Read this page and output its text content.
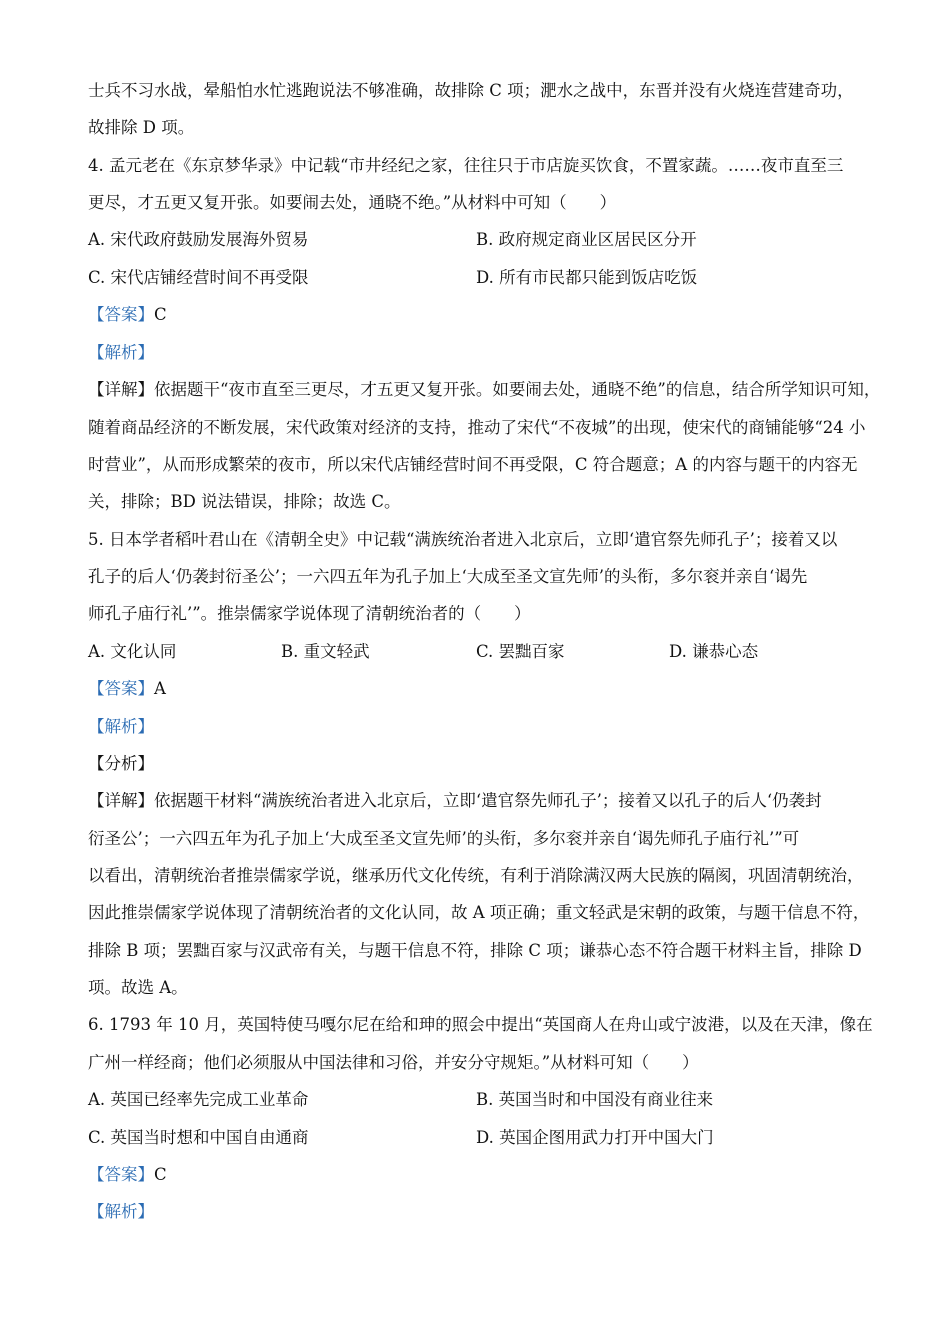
士兵不习水战，晕船怕水忙逃跑说法不够准确，故排除 C 项；淝水之战中，东晋并没有火烧连营建奇功，
故排除 D 项。
4. 孟元老在《东京梦华录》中记载“市井经纪之家，往往只于市店旋买饮食，不置家蔬。……夜市直至三
更尽，才五更又复开张。如要闹去处，通晓不绝。”从材料中可知（　　）
A. 宋代政府鼓励发展海外贸易	B. 政府规定商业区居民区分开
C. 宋代店铺经营时间不再受限	D. 所有市民都只能到饭店吃饭
【答案】C
【解析】
【详解】依据题干“夜市直至三更尽，才五更又复开张。如要闹去处，通晓不绝”的信息，结合所学知识可知，
随着商品经济的不断发展，宋代政策对经济的支持，推动了宋代“不夜城”的出现，使宋代的商铺能够“24 小
时营业”，从而形成繁荣的夜市，所以宋代店铺经营时间不再受限，C 符合题意；A 的内容与题干的内容无
关，排除；BD 说法错误，排除；故选 C。
5. 日本学者稻叶君山在《清朝全史》中记载“满族统治者进入北京后，立即‘遣官祭先师孔子’；接着又以
孔子的后人‘仍袭封衍圣公’；一六四五年为孔子加上‘大成至圣文宣先师’的头衔，多尔衮并亲自‘谒先
师孔子庙行礼’”。推崇儒家学说体现了清朝统治者的（　　）
A. 文化认同	B. 重文轻武	C. 罢黜百家	D. 谦恭心态
【答案】A
【解析】
【分析】
【详解】依据题干材料“满族统治者进入北京后，立即‘遣官祭先师孔子’；接着又以孔子的后人‘仍袭封
衍圣公’；一六四五年为孔子加上‘大成至圣文宣先师’的头衔，多尔衮并亲自‘谒先师孔子庙行礼’”可
以看出，清朝统治者推崇儒家学说，继承历代文化传统，有利于消除满汉两大民族的隔阂，巩固清朝统治，
因此推崇儒家学说体现了清朝统治者的文化认同，故 A 项正确；重文轻武是宋朝的政策，与题干信息不符，
排除 B 项；罢黜百家与汉武帝有关，与题干信息不符，排除 C 项；谦恭心态不符合题干材料主旨，排除 D
项。故选 A。
6. 1793 年 10 月，英国特使马嘎尔尼在给和珅的照会中提出“英国商人在舟山或宁波港，以及在天津，像在
广州一样经商；他们必须服从中国法律和习俗，并安分守规矩。”从材料可知（　　）
A. 英国已经率先完成工业革命	B. 英国当时和中国没有商业往来
C. 英国当时想和中国自由通商	D. 英国企图用武力打开中国大门
【答案】C
【解析】
